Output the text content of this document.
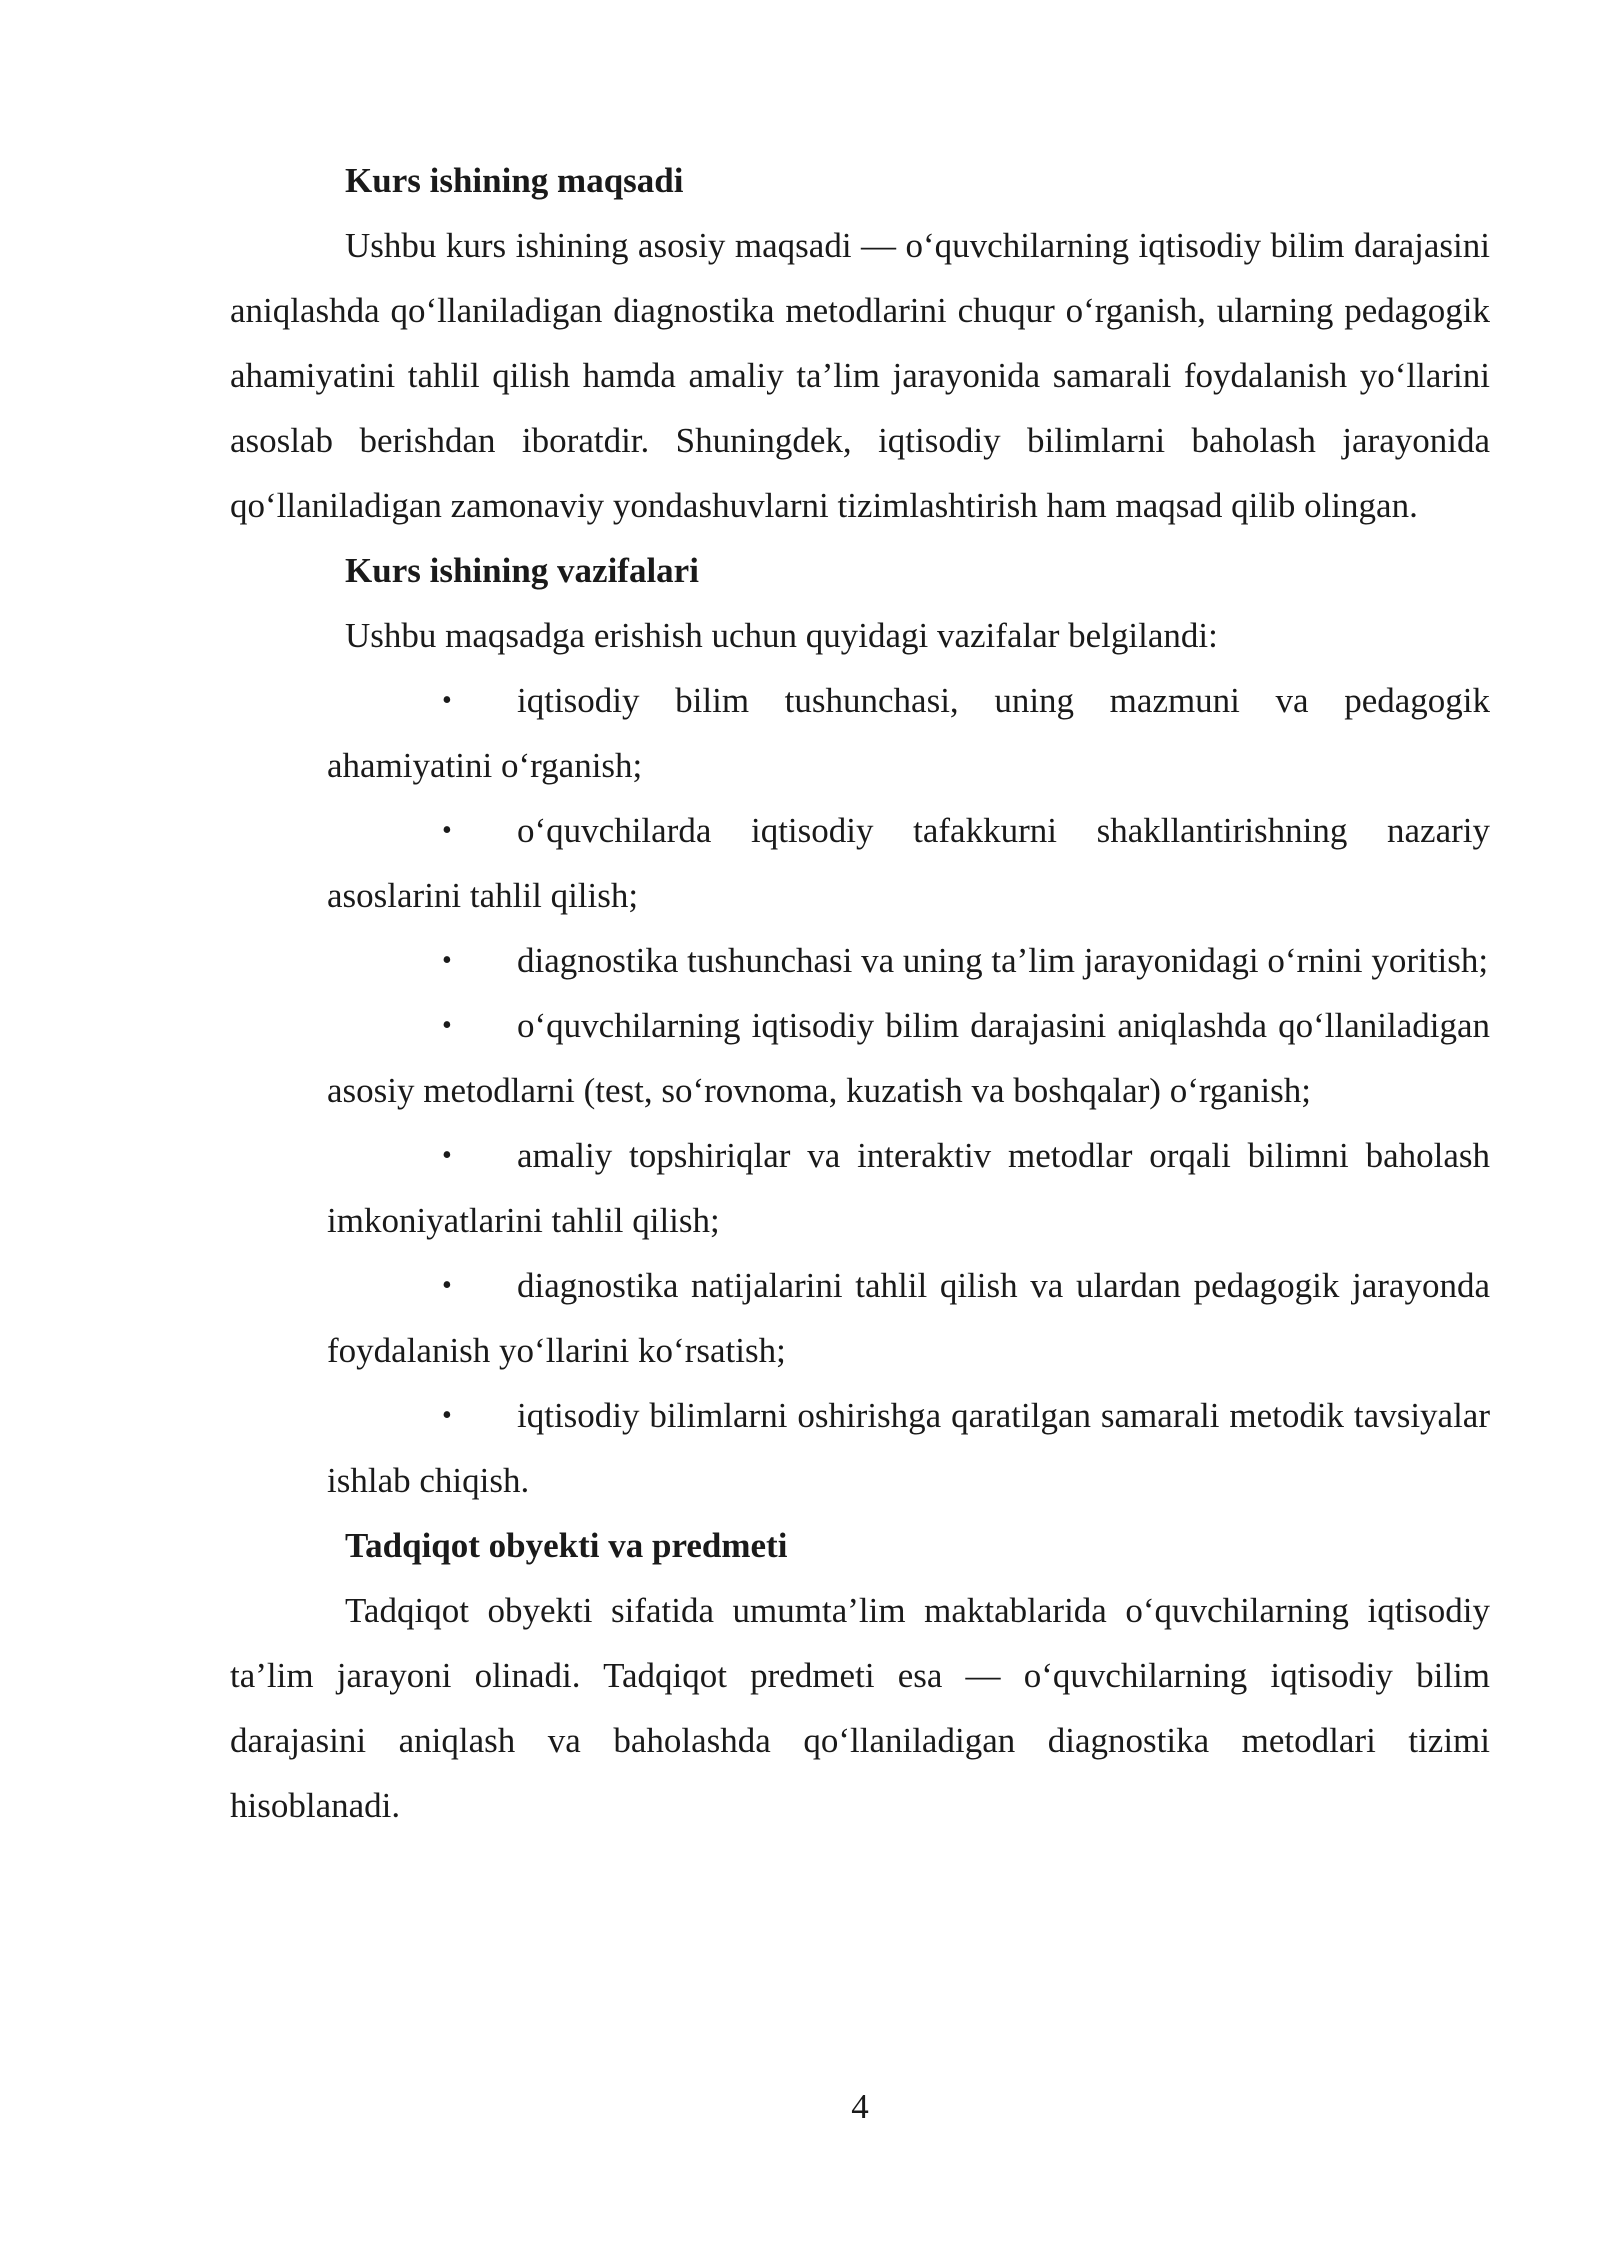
Kurs ishining maqsadi

Ushbu kurs ishining asosiy maqsadi — o‘quvchilarning iqtisodiy bilim darajasini aniqlashda qo‘llaniladigan diagnostika metodlarini chuqur o‘rganish, ularning pedagogik ahamiyatini tahlil qilish hamda amaliy ta’lim jarayonida samarali foydalanish yo‘llarini asoslab berishdan iboratdir. Shuningdek, iqtisodiy bilimlarni baholash jarayonida qo‘llaniladigan zamonaviy yondashuvlarni tizimlashtirish ham maqsad qilib olingan.

Kurs ishining vazifalari

Ushbu maqsadga erishish uchun quyidagi vazifalar belgilandi:

• iqtisodiy bilim tushunchasi, uning mazmuni va pedagogik ahamiyatini o‘rganish;
• o‘quvchilarda iqtisodiy tafakkurni shakllantirishning nazariy asoslarini tahlil qilish;
• diagnostika tushunchasi va uning ta’lim jarayonidagi o‘rnini yoritish;
• o‘quvchilarning iqtisodiy bilim darajasini aniqlashda qo‘llaniladigan asosiy metodlarni (test, so‘rovnoma, kuzatish va boshqalar) o‘rganish;
• amaliy topshiriqlar va interaktiv metodlar orqali bilimni baholash imkoniyatlarini tahlil qilish;
• diagnostika natijalarini tahlil qilish va ulardan pedagogik jarayonda foydalanish yo‘llarini ko‘rsatish;
• iqtisodiy bilimlarni oshirishga qaratilgan samarali metodik tavsiyalar ishlab chiqish.

Tadqiqot obyekti va predmeti

Tadqiqot obyekti sifatida umumta’lim maktablarida o‘quvchilarning iqtisodiy ta’lim jarayoni olinadi. Tadqiqot predmeti esa — o‘quvchilarning iqtisodiy bilim darajasini aniqlash va baholashda qo‘llaniladigan diagnostika metodlari tizimi hisoblanadi.

4
